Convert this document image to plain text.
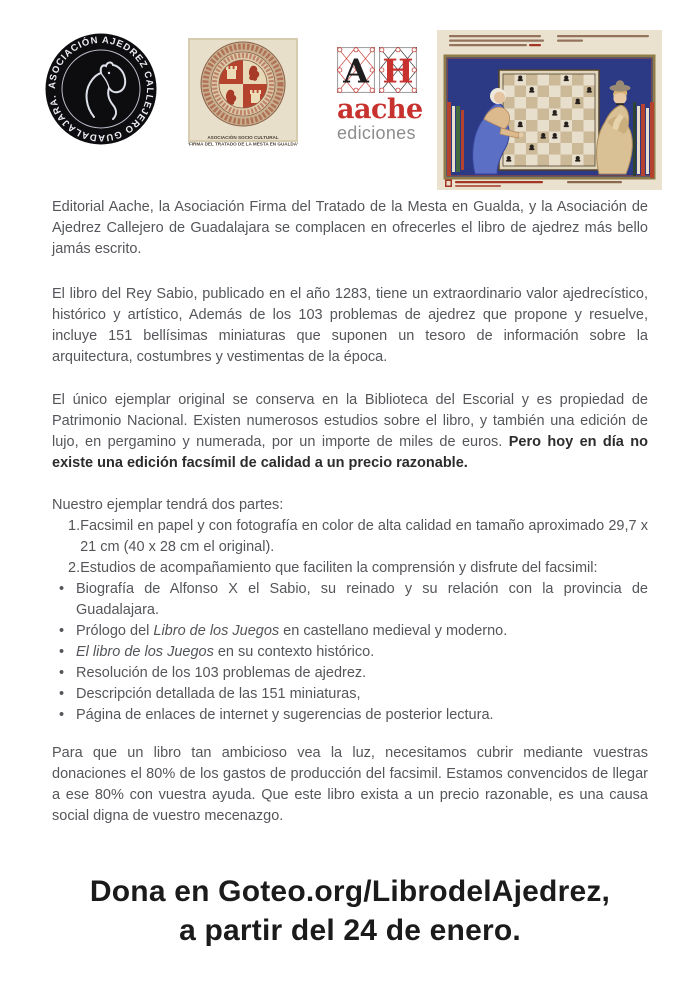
ASOCIACIÓN AJEDREZ CALLEJERO GUADALAJARA.
ASOCIACIÓN SOCIO CULTURAL
“FIRMA DEL TRATADO DE LA MESTA EN GUALDA”
A H
aache
ediciones

Editorial Aache, la Asociación Firma del Tratado de la Mesta en Gualda, y la Asociación de Ajedrez Callejero de Guadalajara se complacen en ofrecerles el libro de ajedrez más bello jamás escrito.

El libro del Rey Sabio, publicado en el año 1283, tiene un extraordinario valor ajedrecístico, histórico y artístico, Además de los 103 problemas de ajedrez que propone y resuelve, incluye 151 bellísimas miniaturas que suponen un tesoro de información sobre la arquitectura, costumbres y vestimentas de la época.

El único ejemplar original se conserva en la Biblioteca del Escorial y es propiedad de Patrimonio Nacional. Existen numerosos estudios sobre el libro, y también una edición de lujo, en pergamino y numerada, por un importe de miles de euros. Pero hoy en día no existe una edición facsímil de calidad a un precio razonable.

Nuestro ejemplar tendrá dos partes:

1. Facsimil en papel y con fotografía en color de alta calidad en tamaño aproximado 29,7 x 21 cm (40 x 28 cm el original).
2. Estudios de acompañamiento que faciliten la comprensión y disfrute del facsimil:
• Biografía de Alfonso X el Sabio, su reinado y su relación con la provincia de Guadalajara.
• Prólogo del Libro de los Juegos en castellano medieval y moderno.
• El libro de los Juegos en su contexto histórico.
• Resolución de los 103 problemas de ajedrez.
• Descripción detallada de las 151 miniaturas,
• Página de enlaces de internet y sugerencias de posterior lectura.

Para que un libro tan ambicioso vea la luz, necesitamos cubrir mediante vuestras donaciones el 80% de los gastos de producción del facsimil. Estamos convencidos de llegar a ese 80% con vuestra ayuda. Que este libro exista a un precio razonable, es una causa social digna de vuestro mecenazgo.

Dona en Goteo.org/LibrodelAjedrez,
a partir del 24 de enero.
